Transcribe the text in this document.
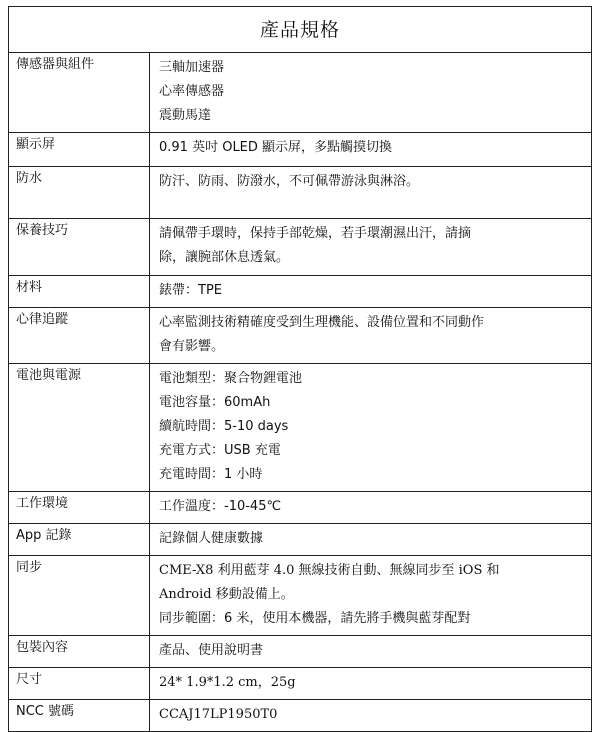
產品規格	
傳感器與組件	三軸加速器
心率傳感器
震動馬達

顯示屏	0.91 英吋 OLED 顯示屏，多點觸摸切換
防水	防汗、防雨、防潑水，不可佩帶游泳與淋浴。
保養技巧	請佩帶手環時，保持手部乾燥，若手環潮濕出汗，請摘
除，讓腕部休息透氣。

材料	錶帶：TPE
心律追蹤	心率監測技術精確度受到生理機能、設備位置和不同動作
會有影響。

電池與電源	電池類型：聚合物鋰電池
電池容量：60mAh
續航時間：5-10 days
充電方式：USB 充電
充電時間：1 小時

工作環境	工作溫度：-10-45℃
App 記錄	記錄個人健康數據
同步	CME-X8 利用藍芽 4.0 無線技術自動、無線同步至 iOS 和
Android 移動設備上。
同步範圍：6 米，使用本機器，請先將手機與藍芽配對

包裝內容	產品、使用說明書
尺寸	24* 1.9*1.2 cm，25g
NCC 號碼	CCAJ17LP1950T0
